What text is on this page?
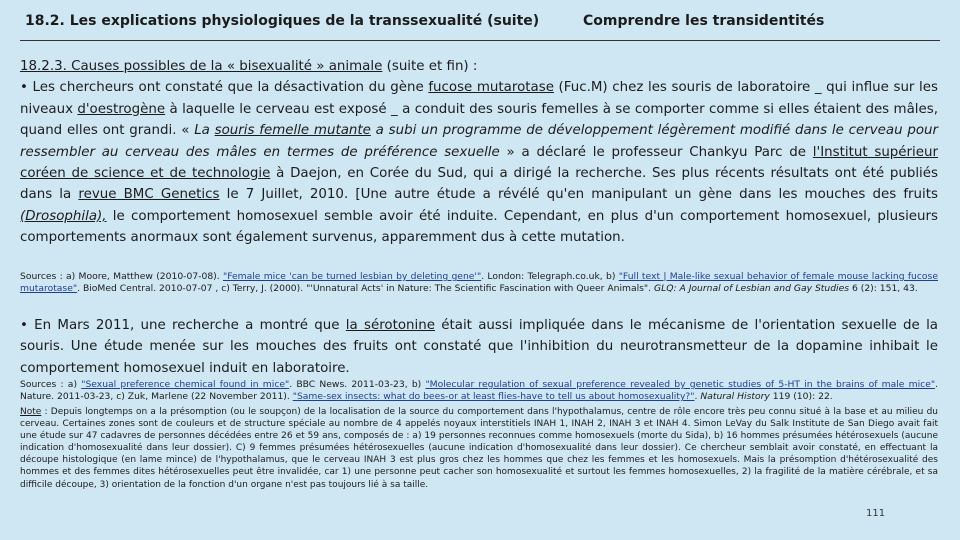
18.2. Les explications physiologiques de la transsexualité (suite)	Comprendre les transidentités
18.2.3. Causes possibles de la « bisexualité » animale (suite et fin) :
• Les chercheurs ont constaté que la désactivation du gène fucose mutarotase (Fuc.M) chez les souris de laboratoire _ qui influe sur les niveaux d'oestrogène à laquelle le cerveau est exposé _ a conduit des souris femelles à se comporter comme si elles étaient des mâles, quand elles ont grandi. « La souris femelle mutante a subi un programme de développement légèrement modifié dans le cerveau pour ressembler au cerveau des mâles en termes de préférence sexuelle » a déclaré le professeur Chankyu Parc de l'Institut supérieur coréen de science et de technologie à Daejon, en Corée du Sud, qui a dirigé la recherche. Ses plus récents résultats ont été publiés dans la revue BMC Genetics le 7 Juillet, 2010. [Une autre étude a révélé qu'en manipulant un gène dans les mouches des fruits (Drosophila), le comportement homosexuel semble avoir été induite. Cependant, en plus d'un comportement homosexuel, plusieurs comportements anormaux sont également survenus, apparemment dus à cette mutation.
Sources : a) Moore, Matthew (2010-07-08). "Female mice 'can be turned lesbian by deleting gene'". London: Telegraph.co.uk, b) "Full text | Male-like sexual behavior of female mouse lacking fucose mutarotase". BioMed Central. 2010-07-07 , c) Terry, J. (2000). "'Unnatural Acts' in Nature: The Scientific Fascination with Queer Animals". GLQ: A Journal of Lesbian and Gay Studies 6 (2): 151, 43.
• En Mars 2011, une recherche a montré que la sérotonine était aussi impliquée dans le mécanisme de l'orientation sexuelle de la souris. Une étude menée sur les mouches des fruits ont constaté que l'inhibition du neurotransmetteur de la dopamine inhibait le comportement homosexuel induit en laboratoire.
Sources : a) "Sexual preference chemical found in mice". BBC News. 2011-03-23, b) "Molecular regulation of sexual preference revealed by genetic studies of 5-HT in the brains of male mice". Nature. 2011-03-23, c) Zuk, Marlene (22 November 2011). "Same-sex insects: what do bees-or at least flies-have to tell us about homosexuality?". Natural History 119 (10): 22.
Note : Depuis longtemps on a la présomption (ou le soupçon) de la localisation de la source du comportement dans l'hypothalamus, centre de rôle encore très peu connu situé à la base et au milieu du cerveau. Certaines zones sont de couleurs et de structure spéciale au nombre de 4 appelés noyaux interstitiels INAH 1, INAH 2, INAH 3 et INAH 4. Simon LeVay du Salk Institute de San Diego avait fait une étude sur 47 cadavres de personnes décédées entre 26 et 59 ans, composés de : a) 19 personnes reconnues comme homosexuels (morte du Sida), b) 16 hommes présumées hétérosexuels (aucune indication d'homosexualité dans leur dossier). C) 9 femmes présumées hétérosexuelles (aucune indication d'homosexualité dans leur dossier). Ce chercheur semblait avoir constaté, en effectuant la découpe histologique (en lame mince) de l'hypothalamus, que le cerveau INAH 3 est plus gros chez les hommes que chez les femmes et les homosexuels. Mais la présomption d'hétérosexualité des hommes et des femmes dites hétérosexuelles peut être invalidée, car 1) une personne peut cacher son homosexualité et surtout les femmes homosexuelles, 2) la fragilité de la matière cérébrale, et sa difficile découpe, 3) orientation de la fonction d'un organe n'est pas toujours lié à sa taille.
111
